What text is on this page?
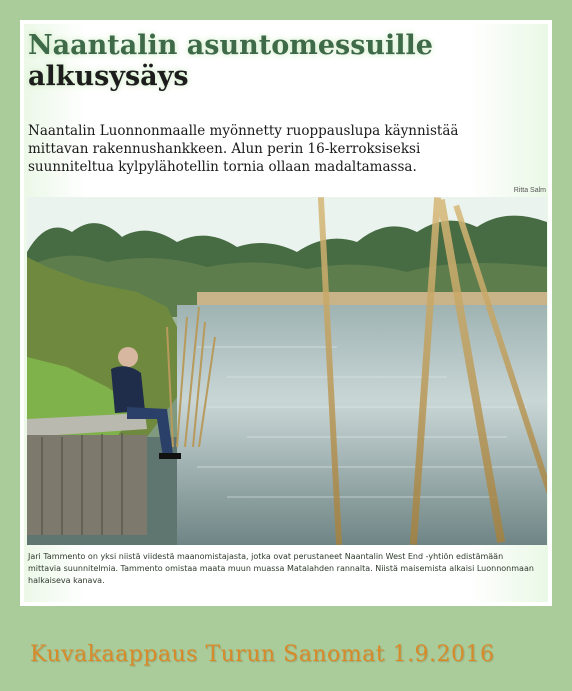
Naantalin asuntomessuille
alkusysäys

Naantalin Luonnonmaalle myönnetty ruoppauslupa käynnistää mittavan rakennushankkeen. Alun perin 16-kerroksiseksi suunniteltua kylpylähotellin tornia ollaan madaltamassa.

Ritta Salm

Jari Tammento on yksi niistä viidestä maanomistajasta, jotka ovat perustaneet Naantalin West End -yhtiön edistämään mittavia suunnitelmia. Tammento omistaa maata muun muassa Matalahden rannalta. Niistä maisemista alkaisi Luonnonmaan halkaiseva kanava.

Kuvakaappaus Turun Sanomat 1.9.2016
